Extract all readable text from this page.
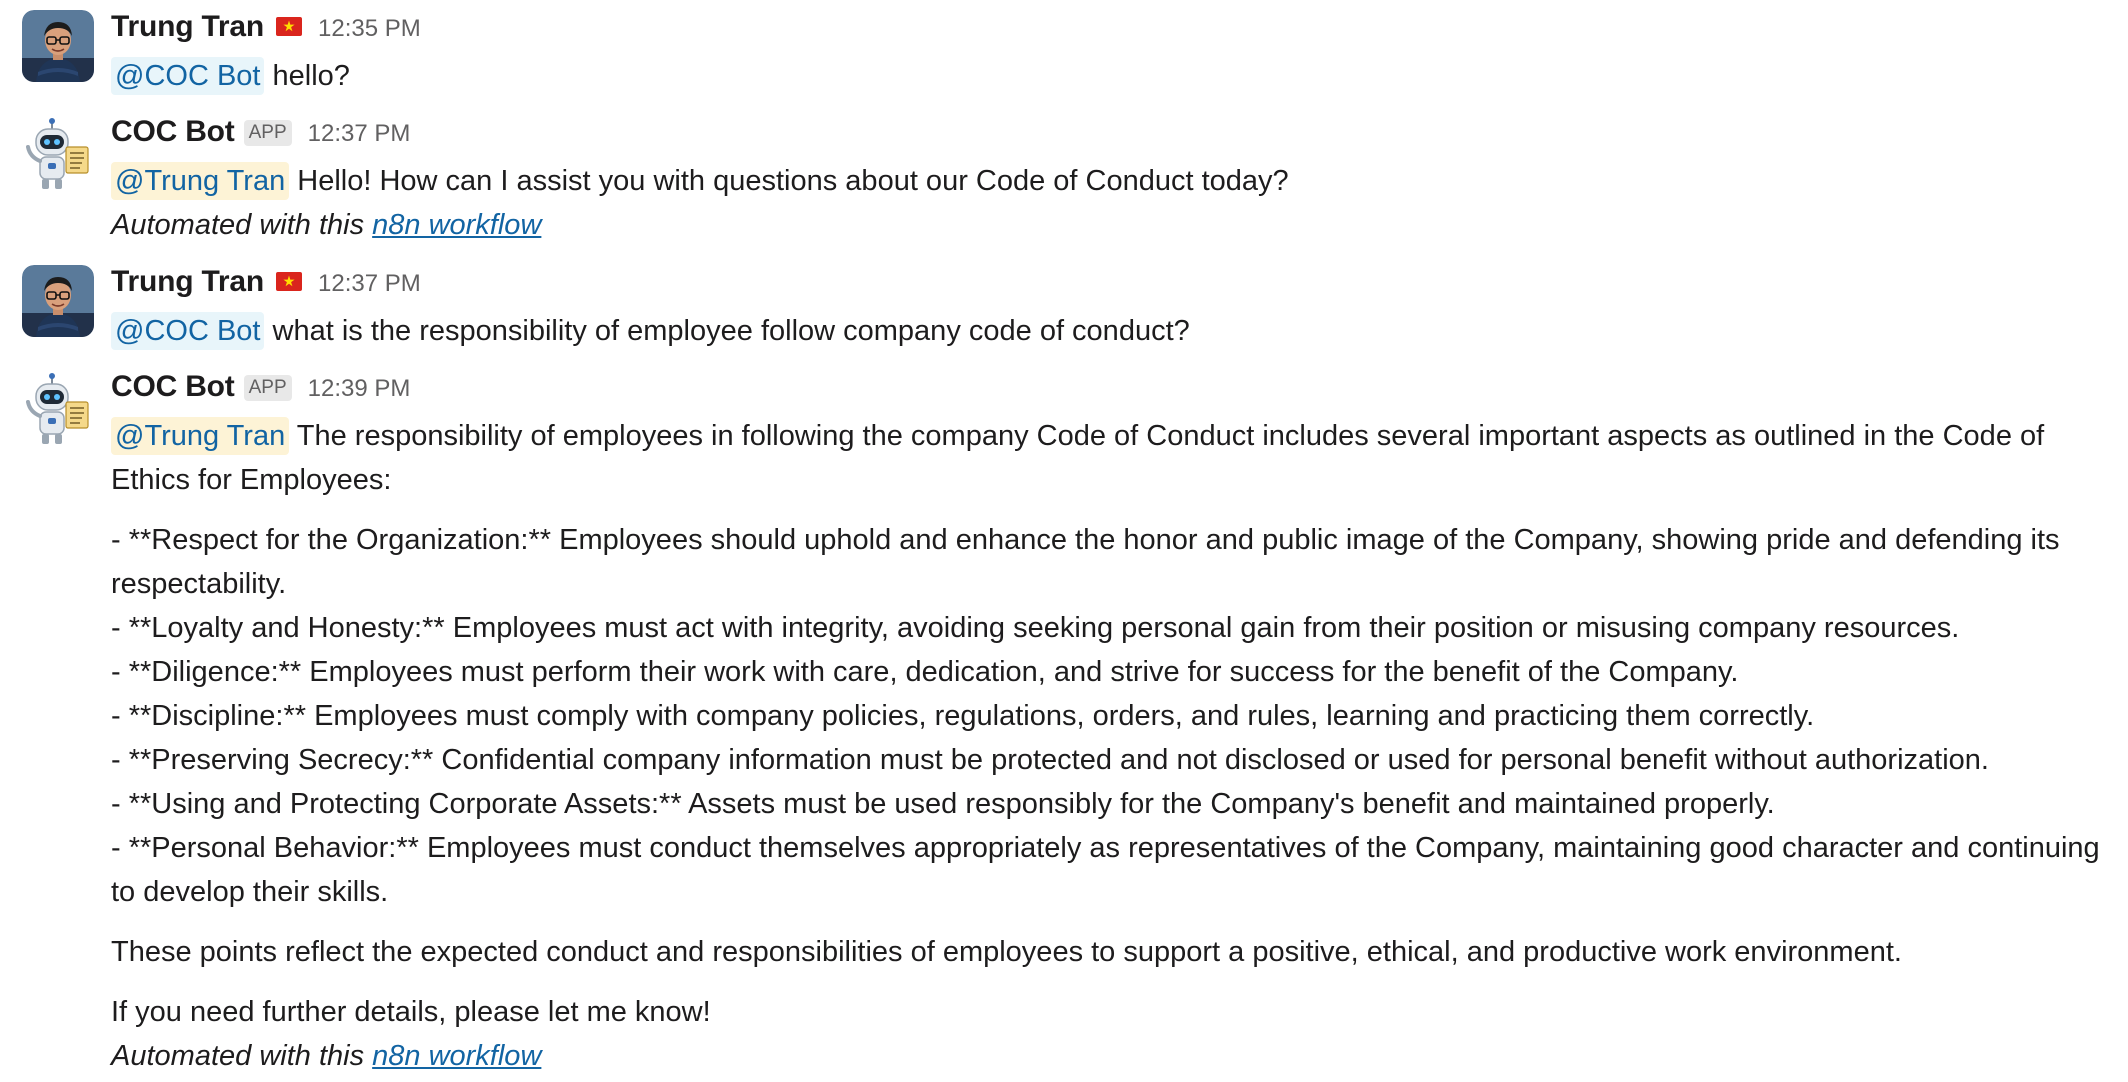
Trung Tran 12:35 PM
@COC Bot hello?
COC Bot APP 12:37 PM
@Trung Tran Hello! How can I assist you with questions about our Code of Conduct today?
Automated with this n8n workflow
Trung Tran 12:37 PM
@COC Bot what is the responsibility of employee follow company code of conduct?
COC Bot APP 12:39 PM
@Trung Tran The responsibility of employees in following the company Code of Conduct includes several important aspects as outlined in the Code of Ethics for Employees:
- **Respect for the Organization:** Employees should uphold and enhance the honor and public image of the Company, showing pride and defending its respectability.
- **Loyalty and Honesty:** Employees must act with integrity, avoiding seeking personal gain from their position or misusing company resources.
- **Diligence:** Employees must perform their work with care, dedication, and strive for success for the benefit of the Company.
- **Discipline:** Employees must comply with company policies, regulations, orders, and rules, learning and practicing them correctly.
- **Preserving Secrecy:** Confidential company information must be protected and not disclosed or used for personal benefit without authorization.
- **Using and Protecting Corporate Assets:** Assets must be used responsibly for the Company's benefit and maintained properly.
- **Personal Behavior:** Employees must conduct themselves appropriately as representatives of the Company, maintaining good character and continuing to develop their skills.
These points reflect the expected conduct and responsibilities of employees to support a positive, ethical, and productive work environment.
If you need further details, please let me know!
Automated with this n8n workflow
